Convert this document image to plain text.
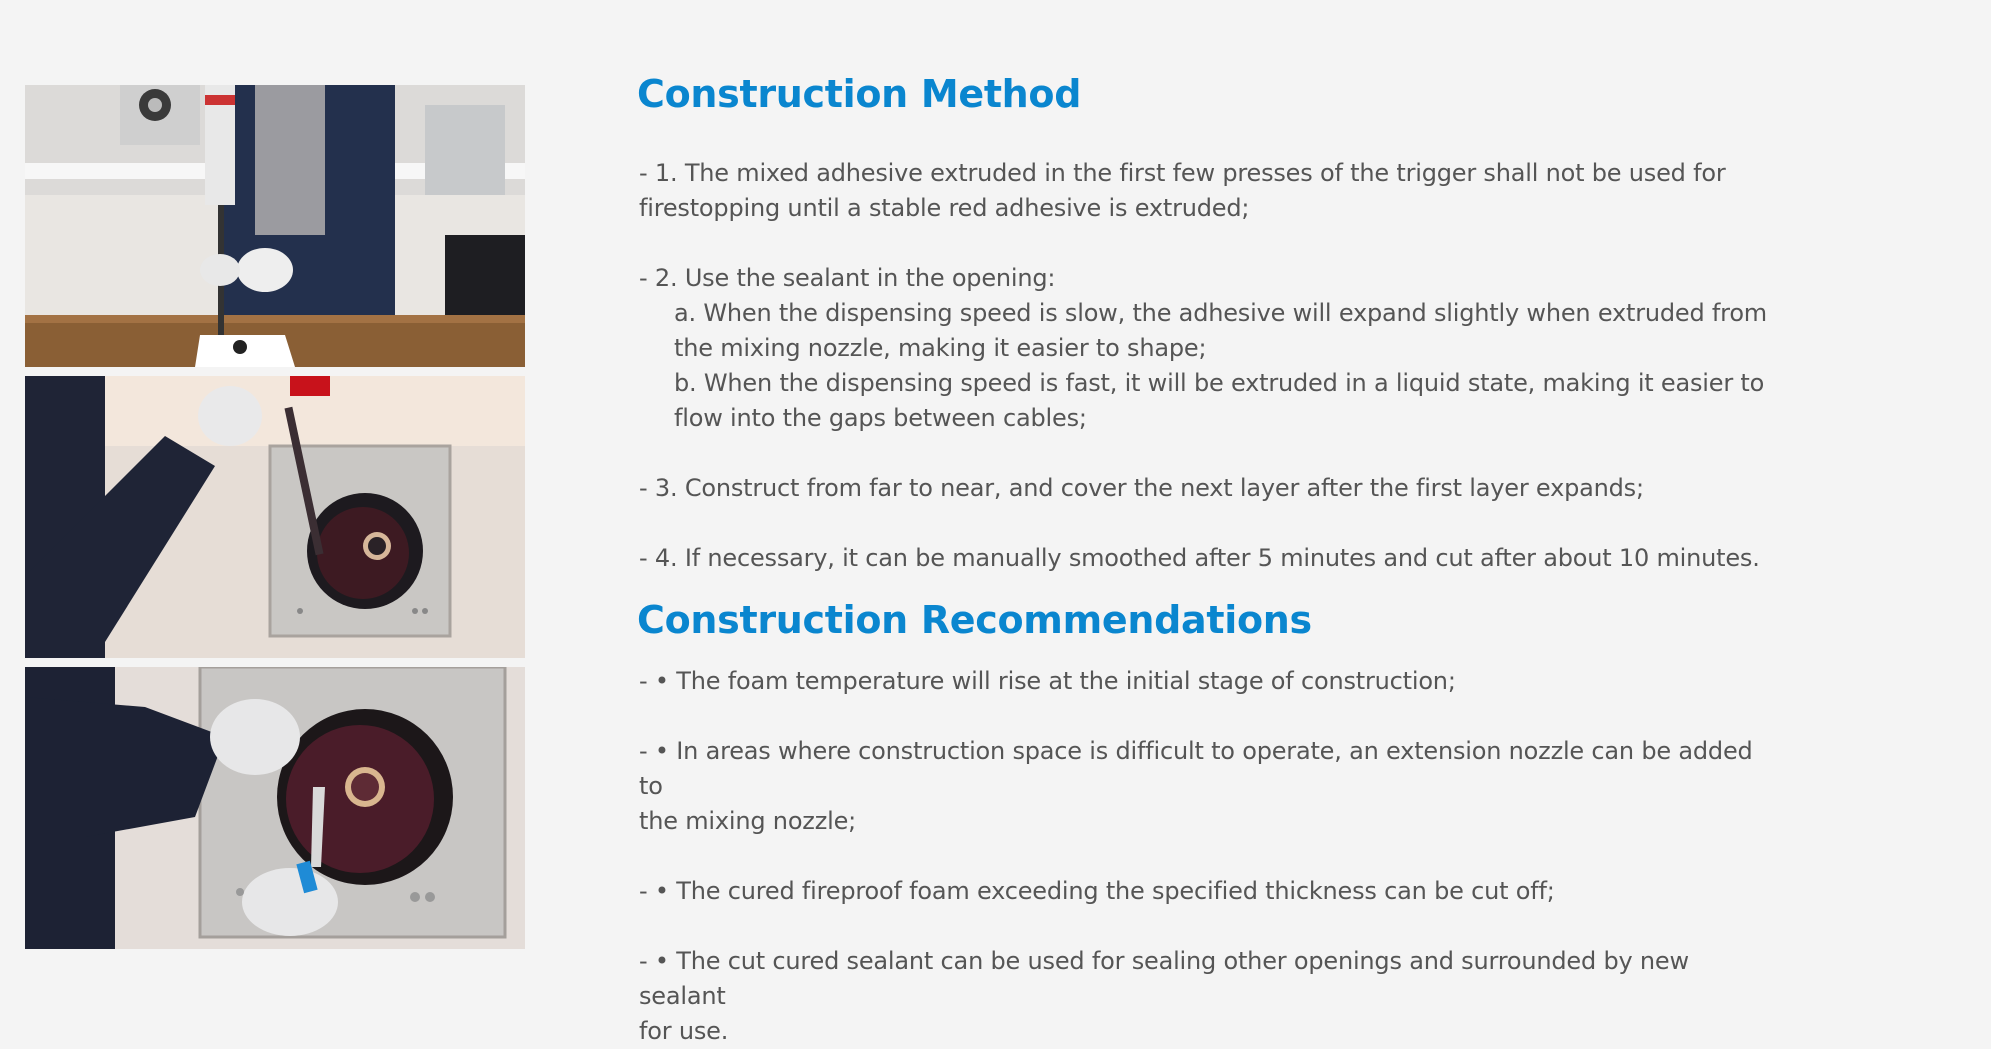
Construction Method
- 1. The mixed adhesive extruded in the first few presses of the trigger shall not be used for
firestopping until a stable red adhesive is extruded;
- 2. Use the sealant in the opening:
a. When the dispensing speed is slow, the adhesive will expand slightly when extruded from
the mixing nozzle, making it easier to shape;
b. When the dispensing speed is fast, it will be extruded in a liquid state, making it easier to
flow into the gaps between cables;
- 3. Construct from far to near, and cover the next layer after the first layer expands;
- 4. If necessary, it can be manually smoothed after 5 minutes and cut after about 10 minutes.
Construction Recommendations
- • The foam temperature will rise at the initial stage of construction;
- • In areas where construction space is difficult to operate, an extension nozzle can be added to
the mixing nozzle;
- • The cured fireproof foam exceeding the specified thickness can be cut off;
- • The cut cured sealant can be used for sealing other openings and surrounded by new sealant
for use.
